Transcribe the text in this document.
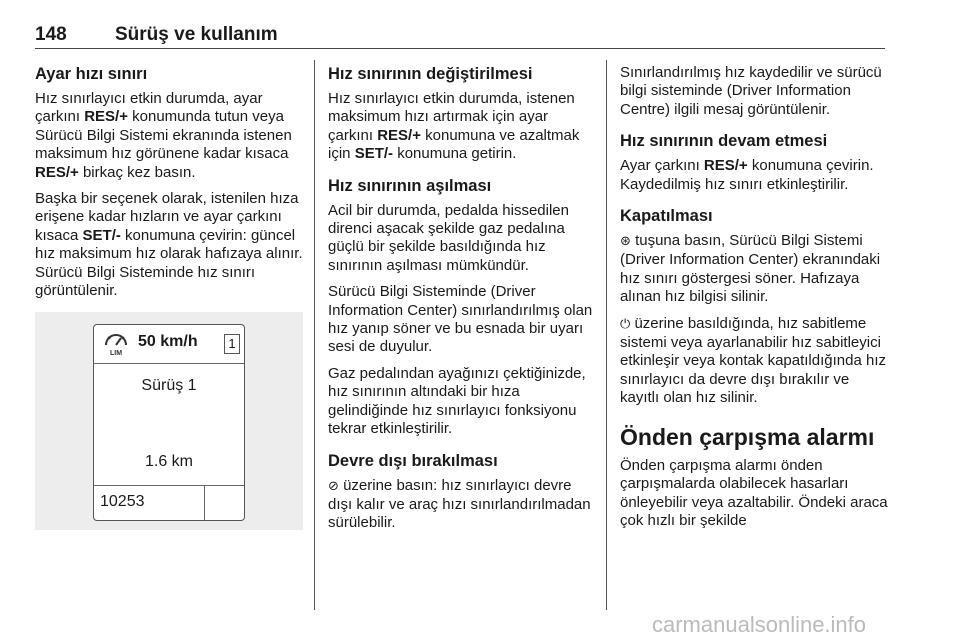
148	Sürüş ve kullanım
Ayar hızı sınırı

Hız sınırlayıcı etkin durumda, ayar çarkını RES/+ konumunda tutun veya Sürücü Bilgi Sistemi ekranında istenen maksimum hız görünene kadar kısaca RES/+ birkaç kez basın.

Başka bir seçenek olarak, istenilen hıza erişene kadar hızların ve ayar çarkını kısaca SET/- konumuna çevirin: güncel hız maksimum hız olarak hafızaya alınır. Sürücü Bilgi Sisteminde hız sınırı görüntülenir.

LIM
50 km/h	1
Sürüş 1
1.6 km
10253
Hız sınırının değiştirilmesi

Hız sınırlayıcı etkin durumda, istenen maksimum hızı artırmak için ayar çarkını RES/+ konumuna ve azaltmak için SET/- konumuna getirin.

Hız sınırının aşılması

Acil bir durumda, pedalda hissedilen direnci aşacak şekilde gaz pedalına güçlü bir şekilde basıldığında hız sınırının aşılması mümkündür.

Sürücü Bilgi Sisteminde (Driver Information Center) sınırlandırılmış olan hız yanıp söner ve bu esnada bir uyarı sesi de duyulur.

Gaz pedalından ayağınızı çektiğinizde, hız sınırının altındaki bir hıza gelindiğinde hız sınırlayıcı fonksiyonu tekrar etkinleştirilir.

Devre dışı bırakılması

⊘ üzerine basın: hız sınırlayıcı devre dışı kalır ve araç hızı sınırlandırılmadan sürülebilir.

Sınırlandırılmış hız kaydedilir ve sürücü bilgi sisteminde (Driver Information Centre) ilgili mesaj görüntülenir.

Hız sınırının devam etmesi

Ayar çarkını RES/+ konumuna çevirin. Kaydedilmiş hız sınırı etkinleştirilir.

Kapatılması

⊛ tuşuna basın, Sürücü Bilgi Sistemi (Driver Information Center) ekranındaki hız sınırı göstergesi söner. Hafızaya alınan hız bilgisi silinir.

⏻ üzerine basıldığında, hız sabitleme sistemi veya ayarlanabilir hız sabitleyici etkinleşir veya kontak kapatıldığında hız sınırlayıcı da devre dışı bırakılır ve kayıtlı olan hız silinir.

Önden çarpışma alarmı

Önden çarpışma alarmı önden çarpışmalarda olabilecek hasarları önleyebilir veya azaltabilir. Öndeki araca çok hızlı bir şekilde

carmanualsonline.info
